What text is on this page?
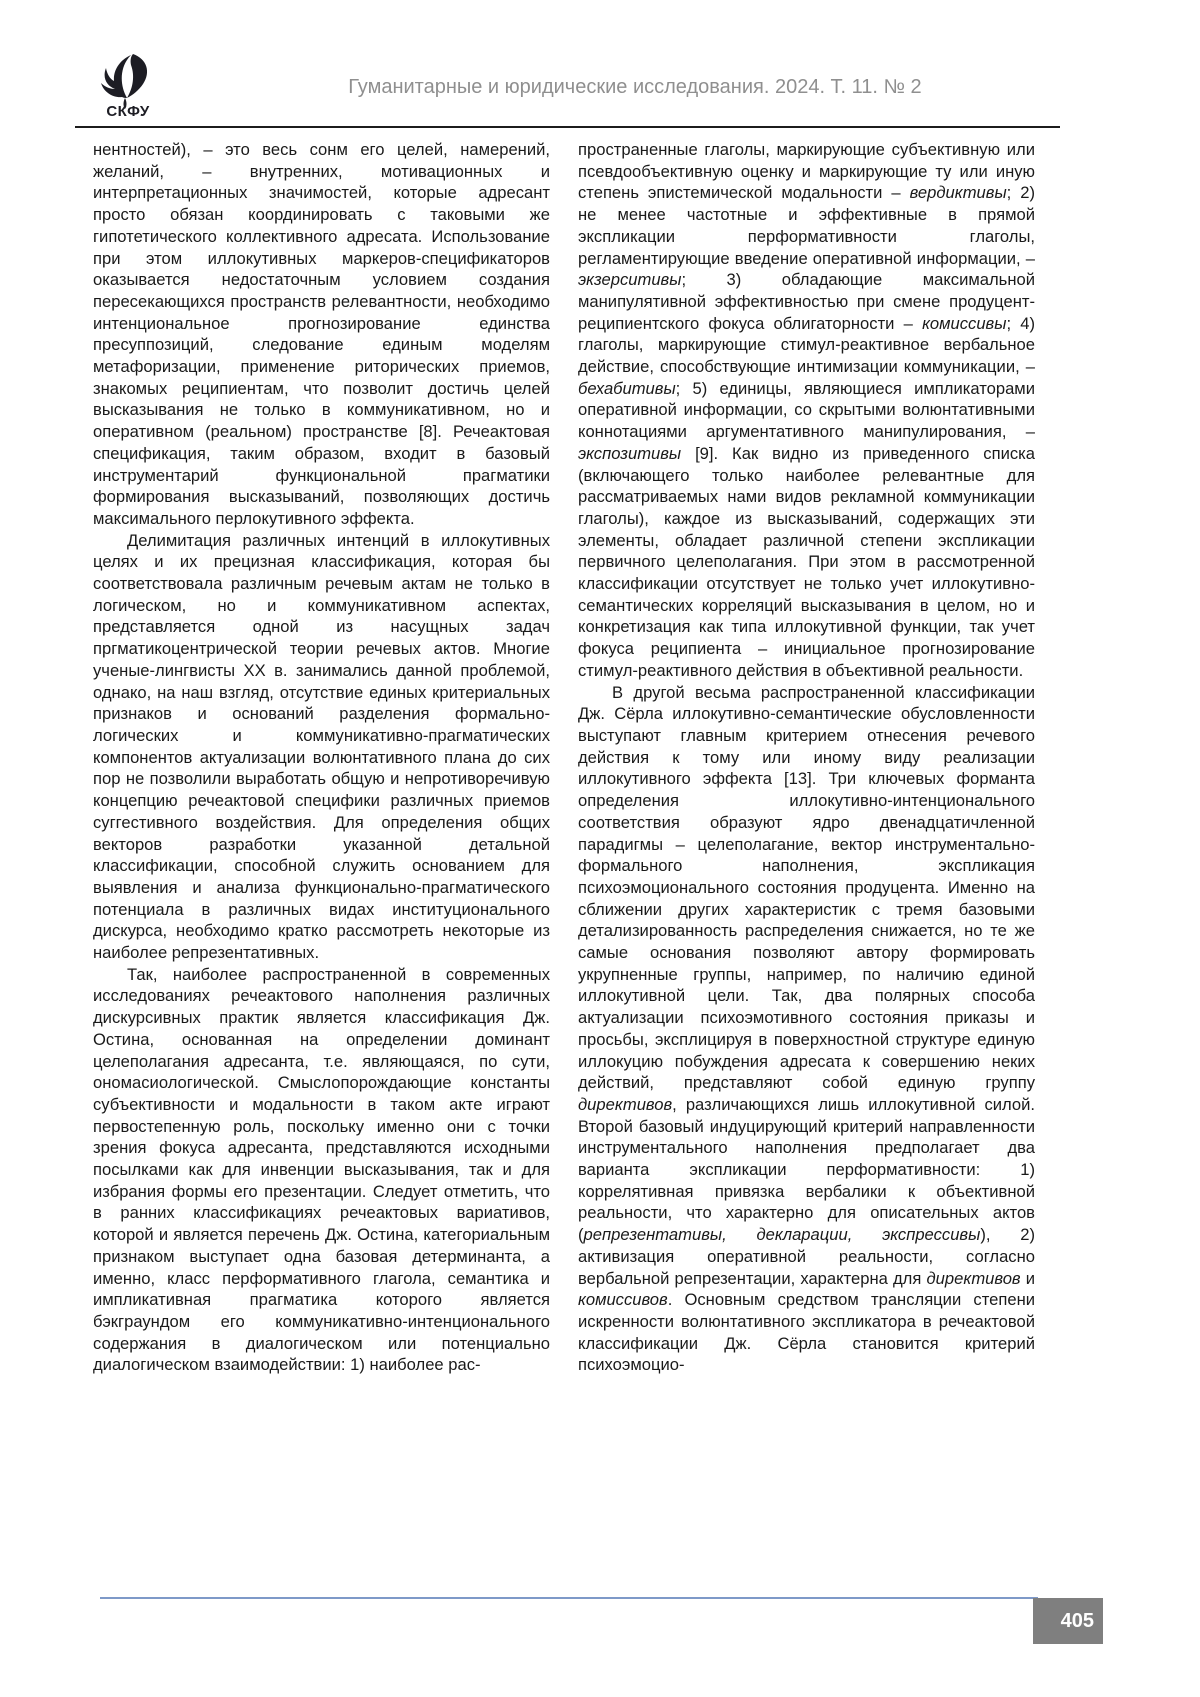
СКФУ
Гуманитарные и юридические исследования. 2024. Т. 11. № 2

нентностей), – это весь сонм его целей, намерений, желаний, – внутренних, мотивационных и интерпретационных значимостей, которые адресант просто обязан координировать с таковыми же гипотетического коллективного адресата. Использование при этом иллокутивных маркеров-спецификаторов оказывается недостаточным условием создания пересекающихся пространств релевантности, необходимо интенциональное прогнозирование единства пресуппозиций, следование единым моделям метафоризации, применение риторических приемов, знакомых реципиентам, что позволит достичь целей высказывания не только в коммуникативном, но и оперативном (реальном) пространстве [8]. Речеактовая спецификация, таким образом, входит в базовый инструментарий функциональной прагматики формирования высказываний, позволяющих достичь максимального перлокутивного эффекта.

Делимитация различных интенций в иллокутивных целях и их прецизная классификация, которая бы соответствовала различным речевым актам не только в логическом, но и коммуникативном аспектах, представляется одной из насущных задач пргматикоцентрической теории речевых актов. Многие ученые-лингвисты XX в. занимались данной проблемой, однако, на наш взгляд, отсутствие единых критериальных признаков и оснований разделения формально-логических и коммуникативно-прагматических компонентов актуализации волюнтативного плана до сих пор не позволили выработать общую и непротиворечивую концепцию речеактовой специфики различных приемов суггестивного воздействия. Для определения общих векторов разработки указанной детальной классификации, способной служить основанием для выявления и анализа функционально-прагматического потенциала в различных видах институционального дискурса, необходимо кратко рассмотреть некоторые из наиболее репрезентативных.

Так, наиболее распространенной в современных исследованиях речеактового наполнения различных дискурсивных практик является классификация Дж. Остина, основанная на определении доминант целеполагания адресанта, т.е. являющаяся, по сути, ономасиологической. Смыслопорождающие константы субъективности и модальности в таком акте играют первостепенную роль, поскольку именно они с точки зрения фокуса адресанта, представляются исходными посылками как для инвенции высказывания, так и для избрания формы его презентации. Следует отметить, что в ранних классификациях речеактовых вариативов, которой и является перечень Дж. Остина, категориальным признаком выступает одна базовая детерминанта, а именно, класс перформативного глагола, семантика и импликативная прагматика которого является бэкграундом его коммуникативно-интенционального содержания в диалогическом или потенциально диалогическом взаимодействии: 1) наиболее рас-

пространенные глаголы, маркирующие субъективную или псевдообъективную оценку и маркирующие ту или иную степень эпистемической модальности – вердиктивы; 2) не менее частотные и эффективные в прямой экспликации перформативности глаголы, регламентирующие введение оперативной информации, – экзерситивы; 3) обладающие максимальной манипулятивной эффективностью при смене продуцент-реципиентского фокуса облигаторности – комиссивы; 4) глаголы, маркирующие стимул-реактивное вербальное действие, способствующие интимизации коммуникации, – бехабитивы; 5) единицы, являющиеся импликаторами оперативной информации, со скрытыми волюнтативными коннотациями аргументативного манипулирования, – экспозитивы [9]. Как видно из приведенного списка (включающего только наиболее релевантные для рассматриваемых нами видов рекламной коммуникации глаголы), каждое из высказываний, содержащих эти элементы, обладает различной степени экспликации первичного целеполагания. При этом в рассмотренной классификации отсутствует не только учет иллокутивно-семантических корреляций высказывания в целом, но и конкретизация как типа иллокутивной функции, так учет фокуса реципиента – инициальное прогнозирование стимул-реактивного действия в объективной реальности.

В другой весьма распространенной классификации Дж. Сёрла иллокутивно-семантические обусловленности выступают главным критерием отнесения речевого действия к тому или иному виду реализации иллокутивного эффекта [13]. Три ключевых форманта определения иллокутивно-интенционального соответствия образуют ядро двенадцатичленной парадигмы – целеполагание, вектор инструментально-формального наполнения, экспликация психоэмоционального состояния продуцента. Именно на сближении других характеристик с тремя базовыми детализированность распределения снижается, но те же самые основания позволяют автору формировать укрупненные группы, например, по наличию единой иллокутивной цели. Так, два полярных способа актуализации психоэмотивного состояния приказы и просьбы, эксплицируя в поверхностной структуре единую иллокуцию побуждения адресата к совершению неких действий, представляют собой единую группу директивов, различающихся лишь иллокутивной силой. Второй базовый индуцирующий критерий направленности инструментального наполнения предполагает два варианта экспликации перформативности: 1) коррелятивная привязка вербалики к объективной реальности, что характерно для описательных актов (репрезентативы, декларации, экспрессивы), 2) активизация оперативной реальности, согласно вербальной репрезентации, характерна для директивов и комиссивов. Основным средством трансляции степени искренности волюнтативного экспликатора в речеактовой классификации Дж. Сёрла становится критерий психоэмоцио-

405
